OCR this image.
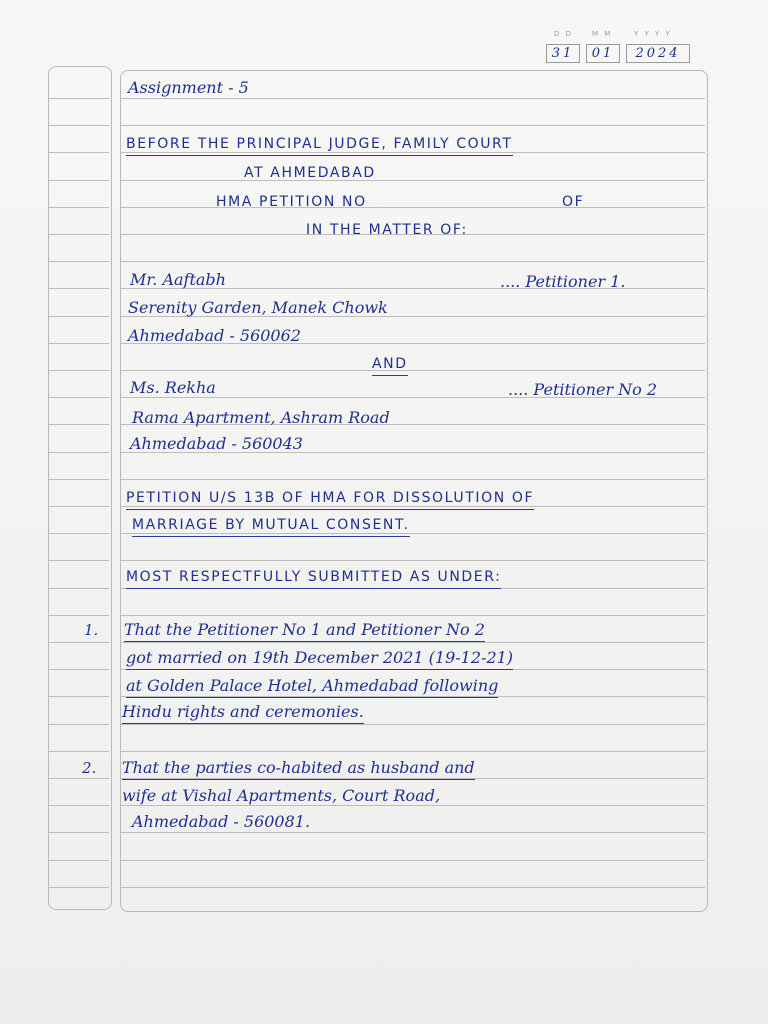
D D	M M	Y Y Y Y
31	01	2024
Assignment - 5
BEFORE THE PRINCIPAL JUDGE, FAMILY COURT
AT AHMEDABAD
HMA PETITION NO	OF
IN THE MATTER OF:
Mr. Aaftabh	.... Petitioner 1.
Serenity Garden, Manek Chowk
Ahmedabad - 560062
AND
Ms. Rekha	.... Petitioner No 2
Rama Apartment, Ashram Road
Ahmedabad - 560043
PETITION U/S 13B OF HMA FOR DISSOLUTION OF
MARRIAGE BY MUTUAL CONSENT.
MOST RESPECTFULLY SUBMITTED AS UNDER:
1. That the Petitioner No 1 and Petitioner No 2
got married on 19th December 2021 (19-12-21)
at Golden Palace Hotel, Ahmedabad following
Hindu rights and ceremonies.
2. That the parties co-habited as husband and
wife at Vishal Apartments, Court Road,
Ahmedabad - 560081.
